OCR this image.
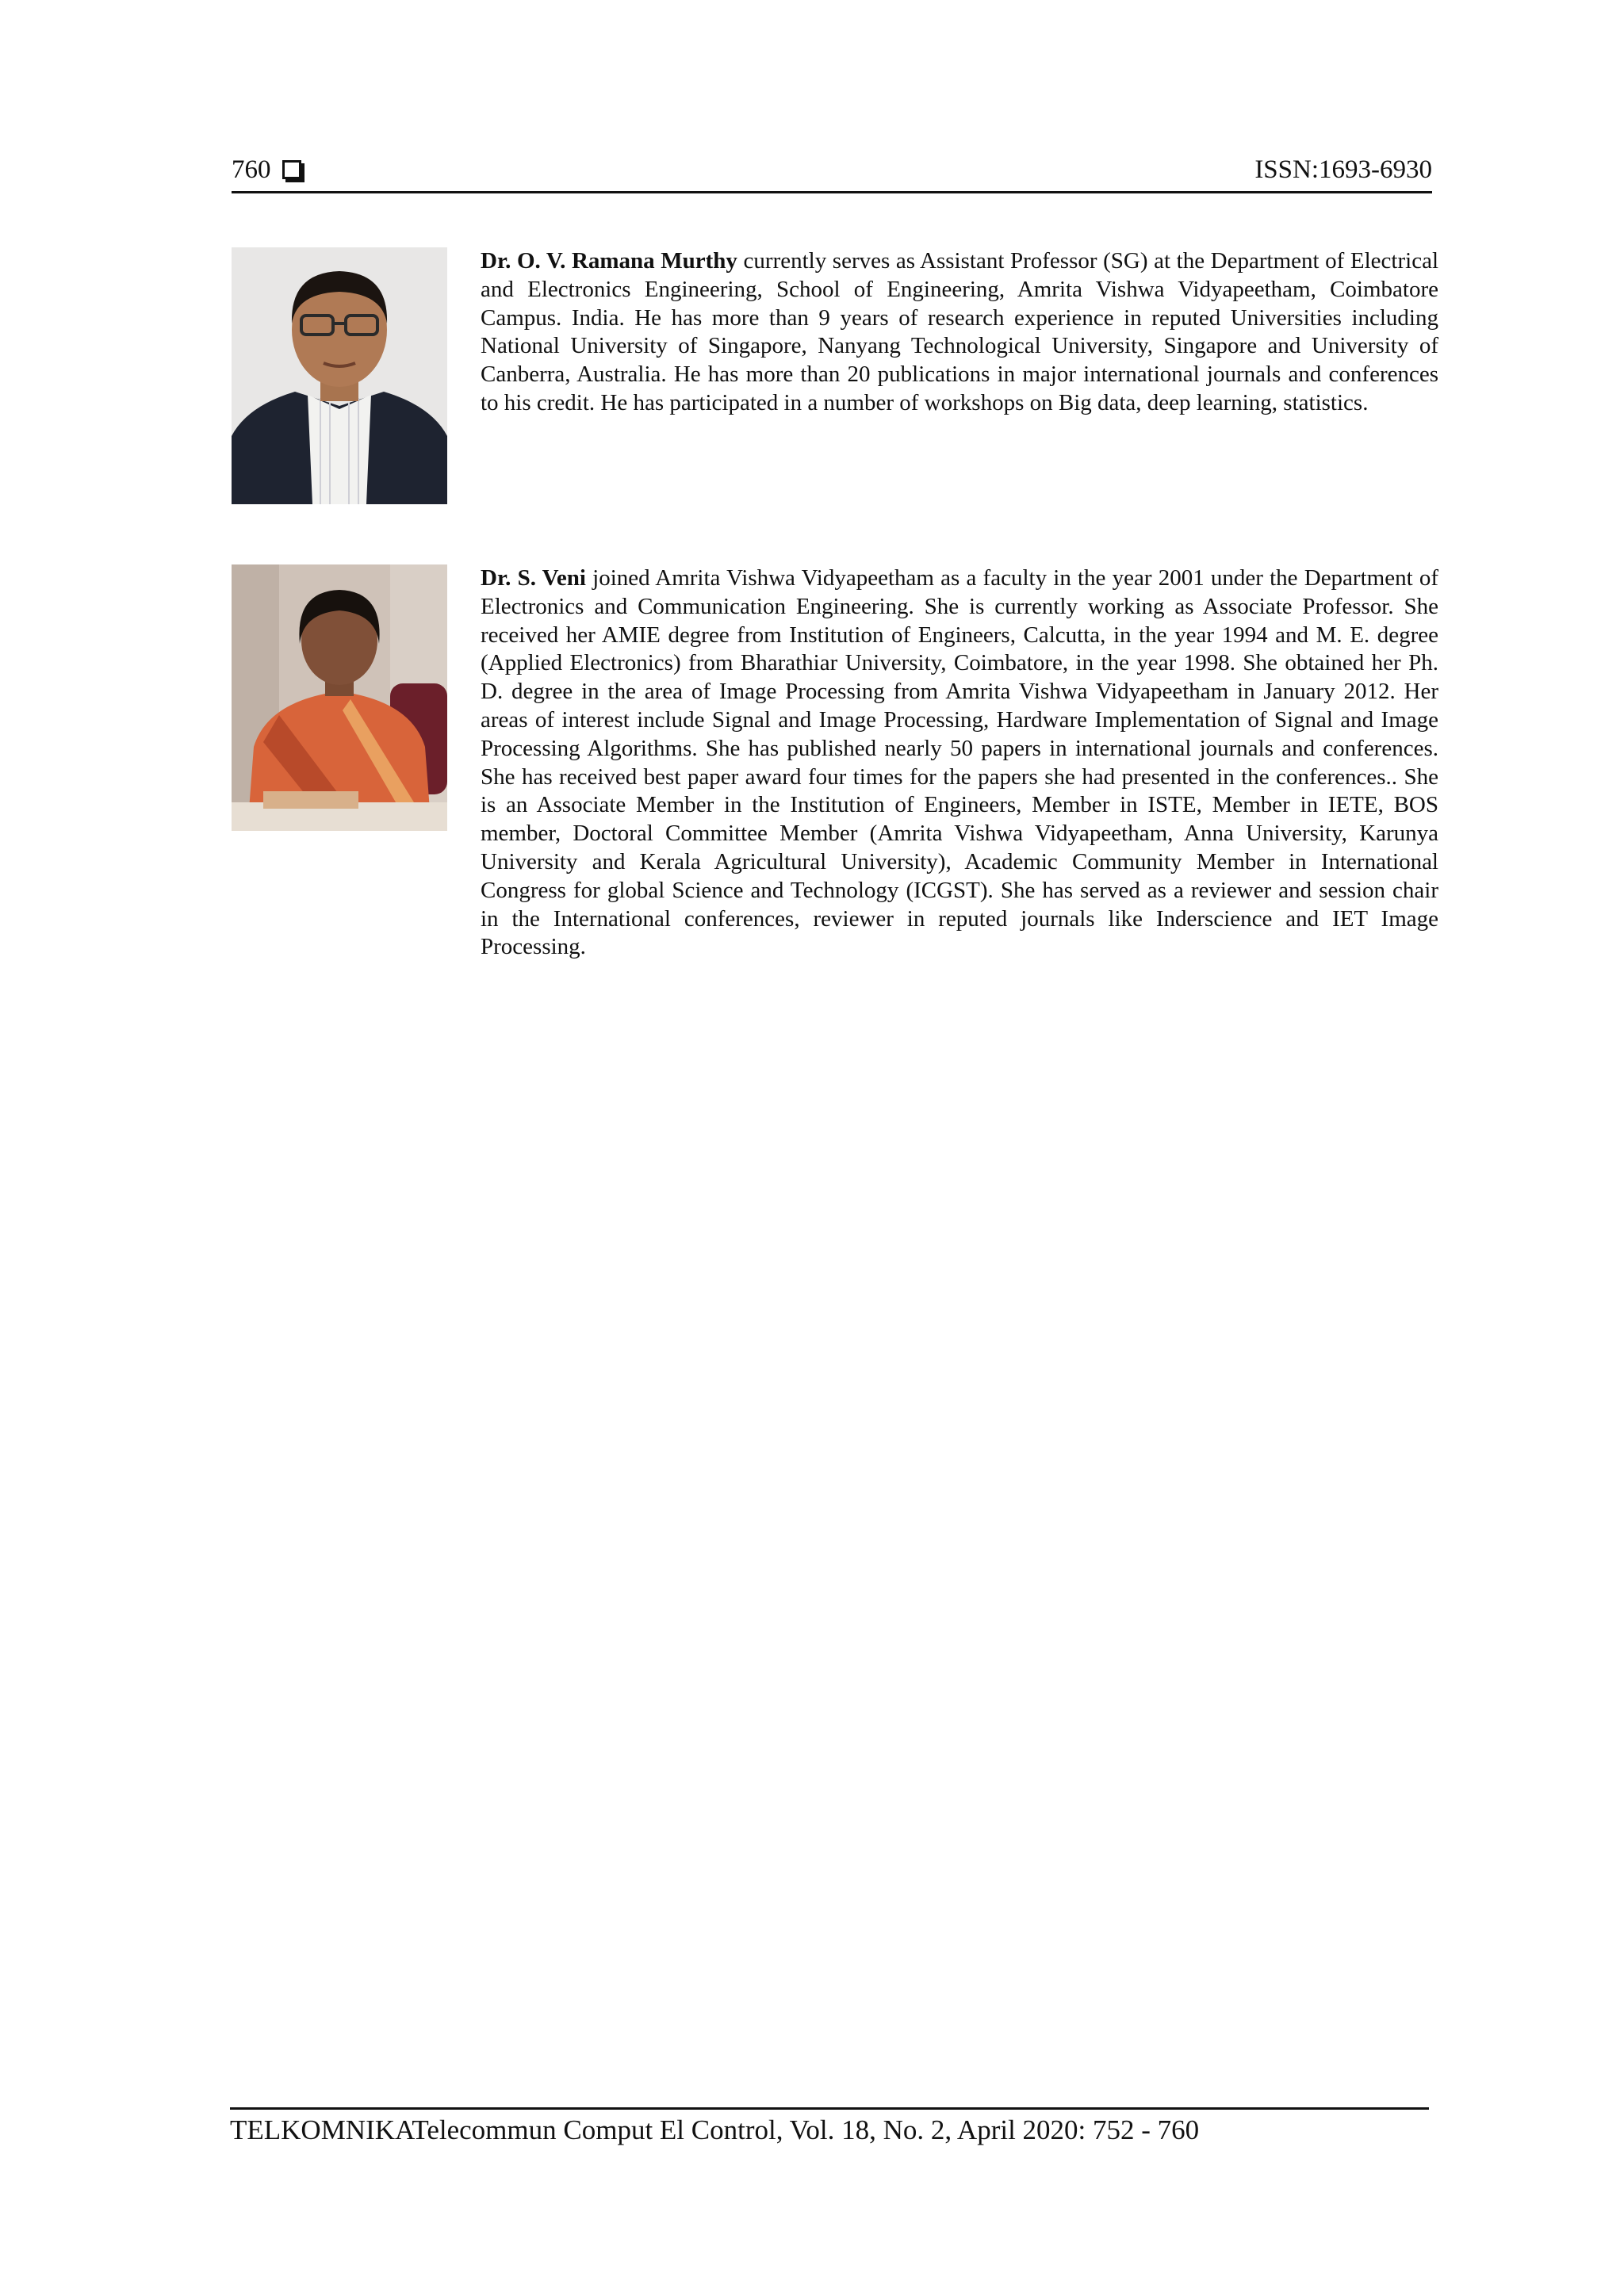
760	ISSN:1693-6930

Dr. O. V. Ramana Murthy currently serves as Assistant Professor (SG) at the Department of Electrical and Electronics Engineering, School of Engineering, Amrita Vishwa Vidyapeetham, Coimbatore Campus. India. He has more than 9 years of research experience in reputed Universities including National University of Singapore, Nanyang Technological University, Singapore and University of Canberra, Australia. He has more than 20 publications in major international journals and conferences to his credit. He has participated in a number of workshops on Big data, deep learning, statistics.

Dr. S. Veni joined Amrita Vishwa Vidyapeetham as a faculty in the year 2001 under the Department of Electronics and Communication Engineering. She is currently working as Associate Professor. She received her AMIE degree from Institution of Engineers, Calcutta, in the year 1994 and M. E. degree (Applied Electronics) from Bharathiar University, Coimbatore, in the year 1998. She obtained her Ph. D. degree in the area of Image Processing from Amrita Vishwa Vidyapeetham in January 2012. Her areas of interest include Signal and Image Processing, Hardware Implementation of Signal and Image Processing Algorithms. She has published nearly 50 papers in international journals and conferences. She has received best paper award four times for the papers she had presented in the conferences.. She is an Associate Member in the Institution of Engineers, Member in ISTE, Member in IETE, BOS member, Doctoral Committee Member (Amrita Vishwa Vidyapeetham, Anna University, Karunya University and Kerala Agricultural University), Academic Community Member in International Congress for global Science and Technology (ICGST). She has served as a reviewer and session chair in the International conferences, reviewer in reputed journals like Inderscience and IET Image Processing.

TELKOMNIKATelecommun Comput El Control, Vol. 18, No. 2, April 2020: 752 - 760
